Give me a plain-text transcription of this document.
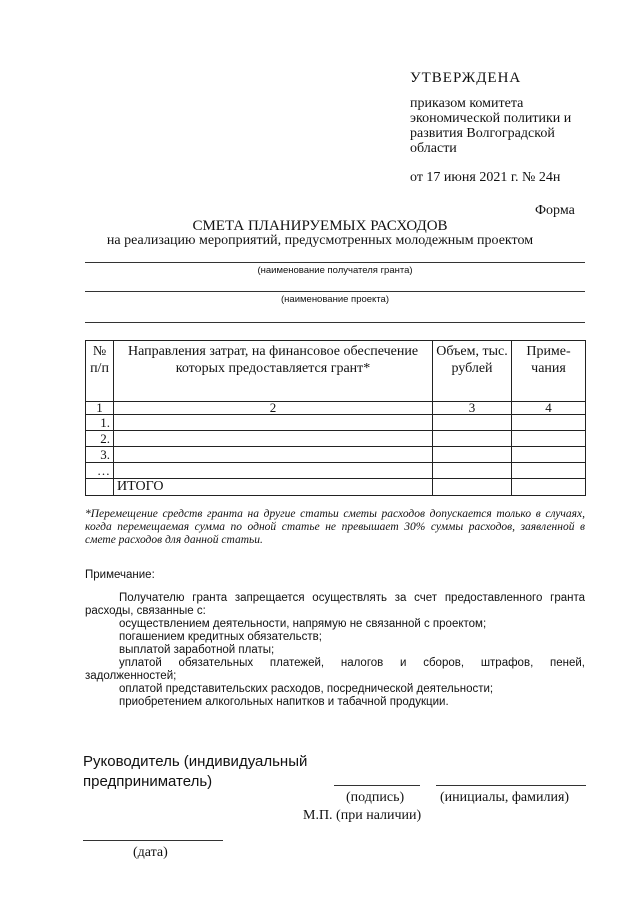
УТВЕРЖДЕНА
приказом комитета
экономической политики и
развития Волгоградской
области
от 17 июня 2021 г. № 24н
Форма
СМЕТА ПЛАНИРУЕМЫХ РАСХОДОВ
на реализацию мероприятий, предусмотренных молодежным проектом
(наименование получателя гранта)
(наименование проекта)
№ п/п	Направления затрат, на финансовое обеспечение которых предоставляется грант*	Объем, тыс. рублей	Приме-чания
1	2	3	4
1.			
2.			
3.			
…			
	ИТОГО		
*Перемещение средств гранта на другие статьи сметы расходов допускается только в случаях, когда перемещаемая сумма по одной статье не превышает 30% суммы расходов, заявленной в смете расходов для данной статьи.
Примечание:
Получателю гранта запрещается осуществлять за счет предоставленного гранта расходы, связанные с:
осуществлением деятельности, напрямую не связанной с проектом;
погашением кредитных обязательств;
выплатой заработной платы;
уплатой обязательных платежей, налогов и сборов, штрафов, пеней,
задолженностей;
оплатой представительских расходов, посреднической деятельности;
приобретением алкогольных напитков и табачной продукции.
Руководитель (индивидуальный
предприниматель)
(подпись)	(инициалы, фамилия)
М.П. (при наличии)
(дата)
